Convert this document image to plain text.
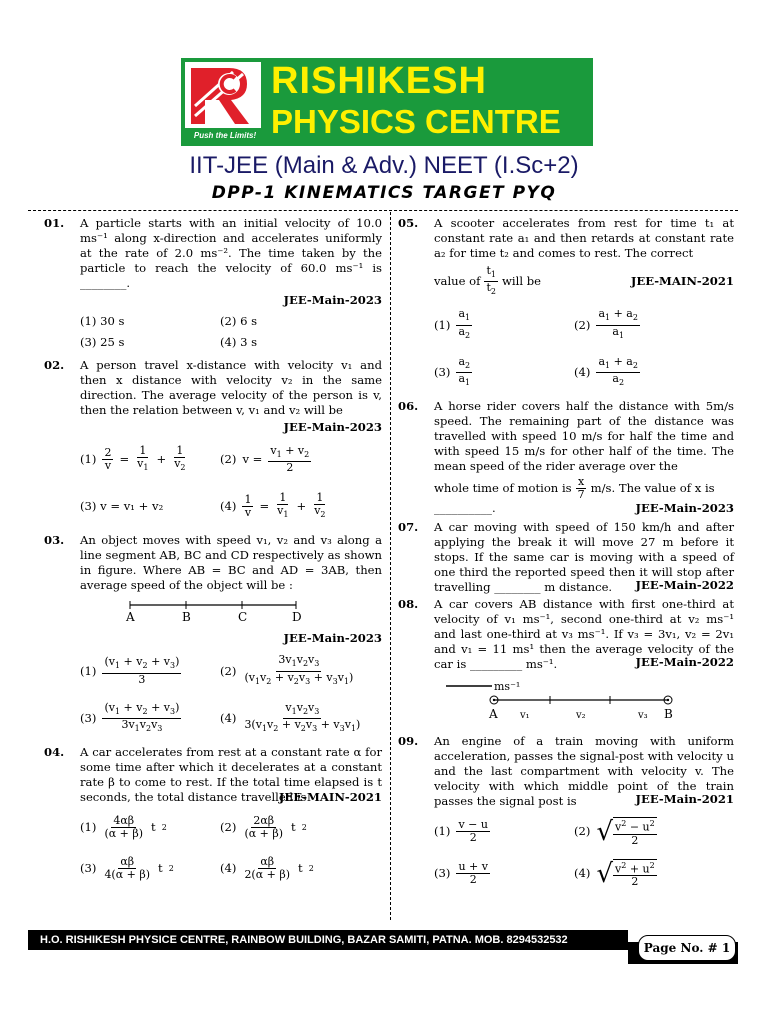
Push the Limits!
RISHIKESH
PHYSICS CENTRE
IIT-JEE (Main & Adv.) NEET (I.Sc+2)
DPP-1 KINEMATICS TARGET PYQ
01. A particle starts with an initial velocity of 10.0 ms⁻¹ along x-direction and accelerates uniformly at the rate of 2.0 ms⁻². The time taken by the particle to reach the velocity of 60.0 ms⁻¹ is ________.
JEE-Main-2023
(1) 30 s	(2) 6 s
(3) 25 s	(4) 3 s
02. A person travel x-distance with velocity v₁ and then x distance with velocity v₂ in the same direction. The average velocity of the person is v, then the relation between v, v₁ and v₂ will be
JEE-Main-2023
$(1) \frac{2}{v} = \frac{1}{v_1} + \frac{1}{v_2}$	(2) $v = \frac{v_1 + v_2}{2}$
(3) v = v₁ + v₂	$(4) \frac{1}{v} = \frac{1}{v_1} + \frac{1}{v_2}$
03. An object moves with speed v₁, v₂ and v₃ along a line segment AB, BC and CD respectively as shown in figure. Where AB = BC and AD = 3AB, then average speed of the object will be :
A	B	C	D
JEE-Main-2023
$(1) \frac{(v_1 + v_2 + v_3)}{3}$	$(2) \frac{3v_1v_2v_3}{(v_1v_2 + v_2v_3 + v_3v_1)}$
$(3) \frac{(v_1 + v_2 + v_3)}{3v_1v_2v_3}$	$(4) \frac{v_1v_2v_3}{3(v_1v_2 + v_2v_3 + v_3v_1)}$
04. A car accelerates from rest at a constant rate α for some time after which it decelerates at a constant rate β to come to rest. If the total time elapsed is t seconds, the total distance travelled is
JEE-MAIN-2021
$(1) \frac{4\alpha\beta}{(\alpha + \beta)}$ t 2	$(2) \frac{2\alpha\beta}{(\alpha + \beta)}$ t 2
$(3) \frac{\alpha\beta}{4(\alpha + \beta)}$ t 2	$(4) \frac{\alpha\beta}{2(\alpha + \beta)}$ t 2
05. A scooter accelerates from rest for time t₁ at constant rate a₁ and then retards at constant rate a₂ for time t₂ and comes to rest. The correct
value of $\frac{t_1}{t_2}$ will be	JEE-MAIN-2021
$(1) \frac{a_1}{a_2}$	$(2) \frac{a_1 + a_2}{a_1}$
$(3) \frac{a_2}{a_1}$	$(4) \frac{a_1 + a_2}{a_2}$
06. A horse rider covers half the distance with 5m/s speed. The remaining part of the distance was travelled with speed 10 m/s for half the time and with speed 15 m/s for other half of the time. The mean speed of the rider average over the
whole time of motion is $\frac{x}{7} m/s$. The value of x is
__________.	JEE-Main-2023
07. A car moving with speed of 150 km/h and after applying the break it will move 27 m before it stops. If the same car is moving with a speed of one third the reported speed then it will stop after travelling ________ m distance.	JEE-Main-2022
08. A car covers AB distance with first one-third at velocity of v₁ ms⁻¹, second one-third at v₂ ms⁻¹ and last one-third at v₃ ms⁻¹. If v₃ = 3v₁, v₂ = 2v₁ and v₁ = 11 ms¹ then the average velocity of the car is _________ ms⁻¹.	JEE-Main-2022
ms⁻¹
A v₁	v₂	v₃ B
09. An engine of a train moving with uniform acceleration, passes the signal-post with velocity u and the last compartment with velocity v. The velocity with which middle point of the train passes the signal post is	JEE-Main-2021
$(1) \frac{v - u}{2}$	(2) √ $\frac{v^2 - u^2}{2}$
$(3) \frac{u + v}{2}$	(4) √ $\frac{v^2 + u^2}{2}$
H.O. RISHIKESH PHYSICE CENTRE, RAINBOW BUILDING, BAZAR SAMITI, PATNA. MOB. 8294532532
Page No. # 1
